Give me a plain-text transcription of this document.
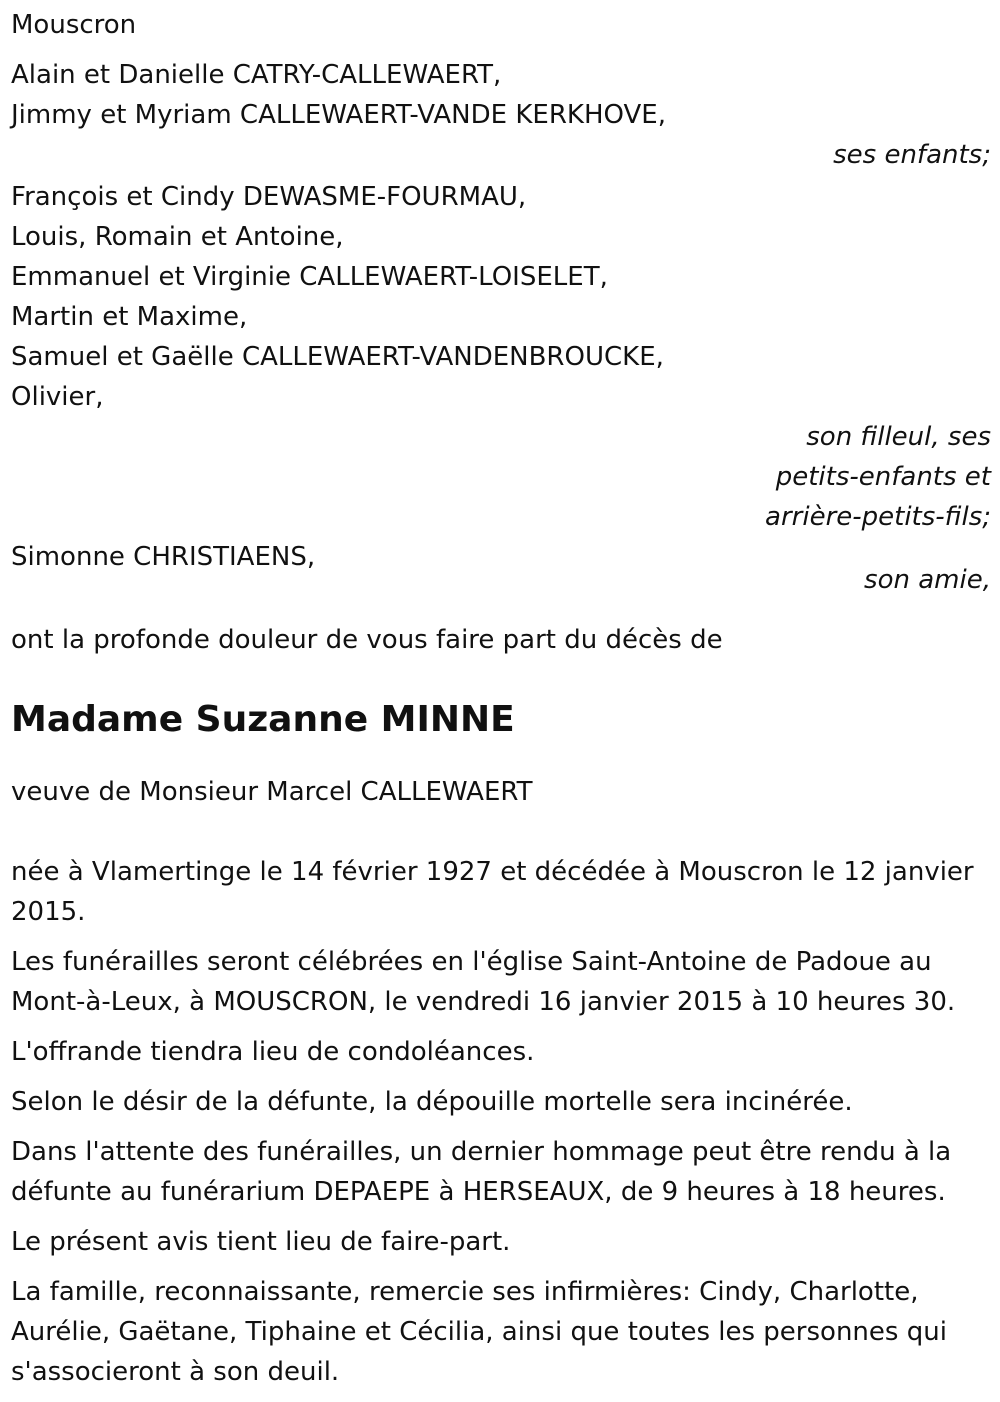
Mouscron
Alain et Danielle CATRY-CALLEWAERT,
Jimmy et Myriam CALLEWAERT-VANDE KERKHOVE,
ses enfants;
François et Cindy DEWASME-FOURMAU,
Louis, Romain et Antoine,
Emmanuel et Virginie CALLEWAERT-LOISELET,
Martin et Maxime,
Samuel et Gaëlle CALLEWAERT-VANDENBROUCKE,
Olivier,
son filleul, ses
petits-enfants et
arrière-petits-fils;
Simonne CHRISTIAENS,
son amie,
ont la profonde douleur de vous faire part du décès de
Madame Suzanne MINNE
veuve de Monsieur Marcel CALLEWAERT
née à Vlamertinge le 14 février 1927 et décédée à Mouscron le 12 janvier 2015.
Les funérailles seront célébrées en l'église Saint-Antoine de Padoue au Mont-à-Leux, à MOUSCRON, le vendredi 16 janvier 2015 à 10 heures 30.
L'offrande tiendra lieu de condoléances.
Selon le désir de la défunte, la dépouille mortelle sera incinérée.
Dans l'attente des funérailles, un dernier hommage peut être rendu à la défunte au funérarium DEPAEPE à HERSEAUX, de 9 heures à 18 heures.
Le présent avis tient lieu de faire-part.
La famille, reconnaissante, remercie ses infirmières: Cindy, Charlotte, Aurélie, Gaëtane, Tiphaine et Cécilia, ainsi que toutes les personnes qui s'associeront à son deuil.
